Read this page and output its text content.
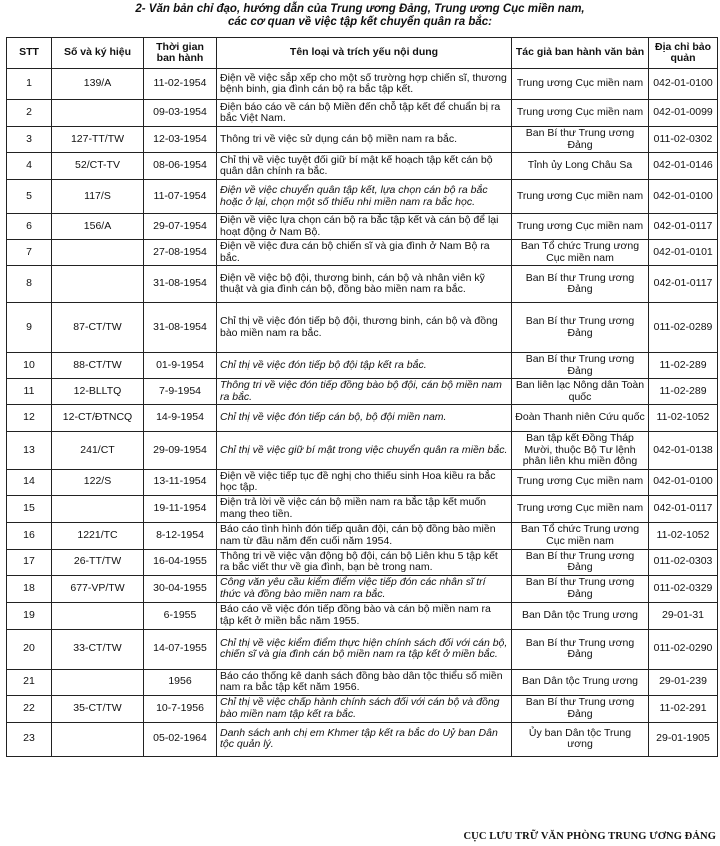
2- Văn bản chỉ đạo, hướng dẫn của Trung ương Đảng, Trung ương Cục miền nam,
các cơ quan về việc tập kết chuyển quân ra bắc:
STT	Số và ký hiệu	Thời gian ban hành	Tên loại và trích yếu nội dung	Tác giả ban hành văn bản	Địa chỉ bảo quản
1	139/A	11-02-1954	Điện về việc sắp xếp cho một số trường hợp chiến sĩ, thương bệnh binh, gia đình cán bộ ra bắc tập kết.	Trung ương Cục miền nam	042-01-0100
2		09-03-1954	Điện báo cáo về cán bộ Miền đến chỗ tập kết để chuẩn bị ra bắc Việt Nam.	Trung ương Cục miền nam	042-01-0099
3	127-TT/TW	12-03-1954	Thông tri về việc sử dụng cán bộ miền nam ra bắc.	Ban Bí thư Trung ương Đảng	011-02-0302
4	52/CT-TV	08-06-1954	Chỉ thị về việc tuyệt đối giữ bí mật kế hoạch tập kết cán bộ quân dân chính ra bắc.	Tỉnh ủy Long Châu Sa	042-01-0146
5	117/S	11-07-1954	Điện về việc chuyển quân tập kết, lựa chọn cán bộ ra bắc hoặc ở lại, chọn một số thiếu nhi miền nam ra bắc học.	Trung ương Cục miền nam	042-01-0100
6	156/A	29-07-1954	Điện về việc lựa chọn cán bộ ra bắc tập kết và cán bộ để lại hoạt động ở Nam Bộ.	Trung ương Cục miền nam	042-01-0117
7		27-08-1954	Điện về việc đưa cán bộ chiến sĩ và gia đình ở Nam Bộ ra bắc.	Ban Tổ chức Trung ương Cục miền nam	042-01-0101
8		31-08-1954	Điện về việc bộ đội, thương binh, cán bộ và nhân viên kỹ thuật và gia đình cán bộ, đồng bào miền nam ra bắc.	Ban Bí thư Trung ương Đảng	042-01-0117
9	87-CT/TW	31-08-1954	Chỉ thị về việc đón tiếp bộ đội, thương binh, cán bộ và đồng bào miền nam ra bắc.	Ban Bí thư Trung ương Đảng	011-02-0289
10	88-CT/TW	01-9-1954	Chỉ thị về việc đón tiếp bộ đội tập kết ra bắc.	Ban Bí thư Trung ương Đảng	11-02-289
11	12-BLLTQ	7-9-1954	Thông tri về việc đón tiếp đồng bào bộ đội, cán bộ miền nam ra bắc.	Ban liên lạc Nông dân Toàn quốc	11-02-289
12	12-CT/ĐTNCQ	14-9-1954	Chỉ thị về việc đón tiếp cán bộ, bộ đội miền nam.	Đoàn Thanh niên Cứu quốc	11-02-1052
13	241/CT	29-09-1954	Chỉ thị về việc giữ bí mật trong việc chuyển quân ra miền bắc.	Ban tập kết Đồng Tháp Mười, thuộc Bộ Tư lệnh phân liên khu miền đông	042-01-0138
14	122/S	13-11-1954	Điện về việc tiếp tục đề nghị cho thiếu sinh Hoa kiều ra bắc học tập.	Trung ương Cục miền nam	042-01-0100
15		19-11-1954	Điện trả lời về việc cán bộ miền nam ra bắc tập kết muốn mang theo tiền.	Trung ương Cục miền nam	042-01-0117
16	1221/TC	8-12-1954	Báo cáo tình hình đón tiếp quân đội, cán bộ đồng bào miền nam từ đầu năm đến cuối năm 1954.	Ban Tổ chức Trung ương Cục miền nam	11-02-1052
17	26-TT/TW	16-04-1955	Thông tri về việc vận động bộ đội, cán bộ Liên khu 5 tập kết ra bắc viết thư về gia đình, bạn bè trong nam.	Ban Bí thư Trung ương Đảng	011-02-0303
18	677-VP/TW	30-04-1955	Công văn yêu cầu kiểm điểm việc tiếp đón các nhân sĩ trí thức và đồng bào miền nam ra bắc.	Ban Bí thư Trung ương Đảng	011-02-0329
19		6-1955	Báo cáo về việc đón tiếp đồng bào và cán bộ miền nam ra tập kết ở miền bắc năm 1955.	Ban Dân tộc Trung ương	29-01-31
20	33-CT/TW	14-07-1955	Chỉ thị về việc kiểm điểm thực hiện chính sách đối với cán bộ, chiến sĩ và gia đình cán bộ miền nam ra tập kết ở miền bắc.	Ban Bí thư Trung ương Đảng	011-02-0290
21		1956	Báo cáo thống kê danh sách đồng bào dân tộc thiểu số miền nam ra bắc tập kết năm 1956.	Ban Dân tộc Trung ương	29-01-239
22	35-CT/TW	10-7-1956	Chỉ thị về việc chấp hành chính sách đối với cán bộ và đồng bào miền nam tập kết ra bắc.	Ban Bí thư Trung ương Đảng	11-02-291
23		05-02-1964	Danh sách anh chị em Khmer tập kết ra bắc do Uỷ ban Dân tộc quản lý.	Ủy ban Dân tộc Trung ương	29-01-1905
CỤC LƯU TRỮ VĂN PHÒNG TRUNG ƯƠNG ĐẢNG
